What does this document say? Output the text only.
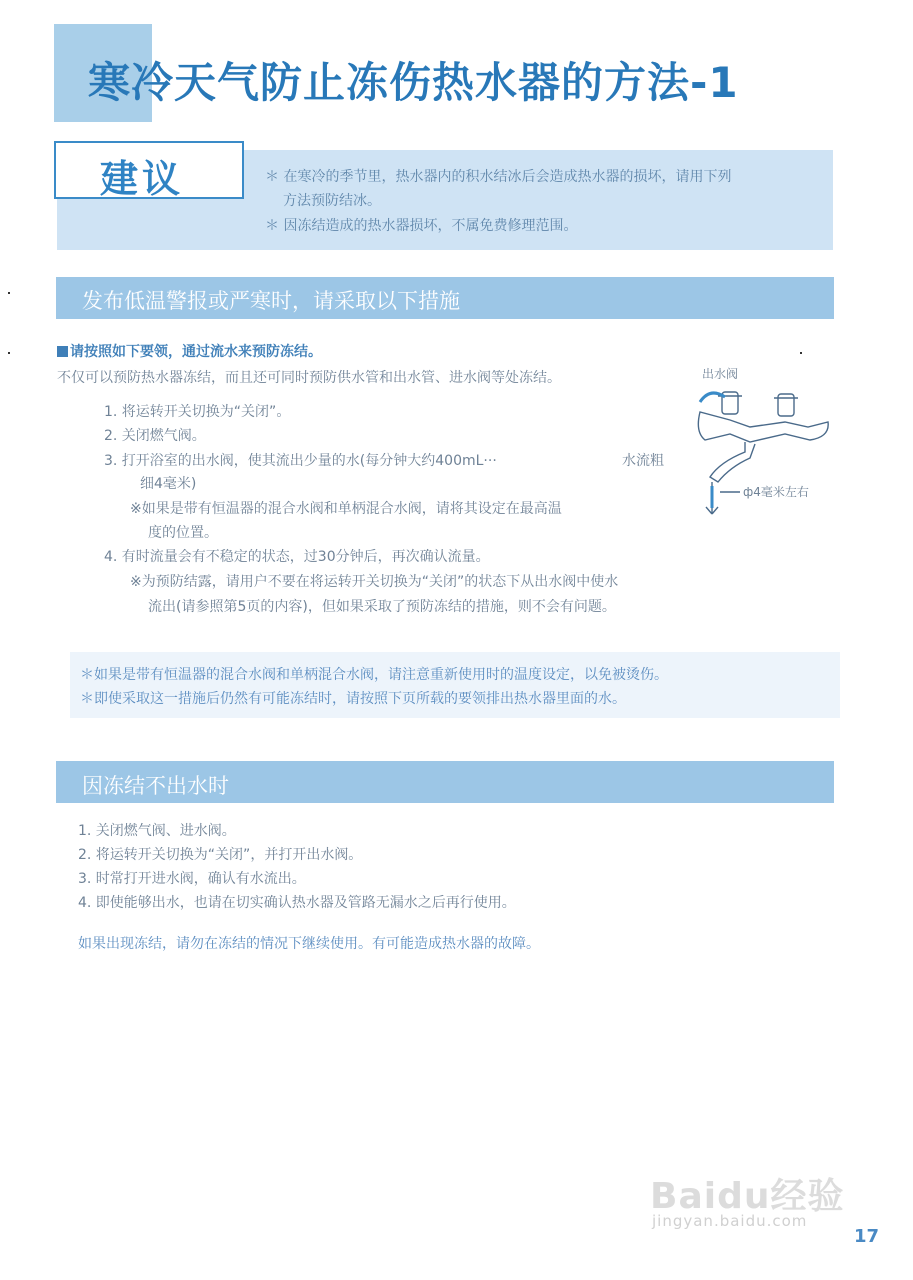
寒冷天气防止冻伤热水器的方法-1
建议	＊ 在寒冷的季节里，热水器内的积水结冰后会造成热水器的损坏，请用下列
方法预防结冰。
＊ 因冻结造成的热水器损坏，不属免费修理范围。
发布低温警报或严寒时，请采取以下措施
请按照如下要领，通过流水来预防冻结。
不仅可以预防热水器冻结，而且还可同时预防供水管和出水管、进水阀等处冻结。
1. 将运转开关切换为“关闭”。
2. 关闭燃气阀。
3. 打开浴室的出水阀，使其流出少量的水(每分钟大约400mL···	水流粗
细4毫米)
※如果是带有恒温器的混合水阀和单柄混合水阀，请将其设定在最高温
度的位置。
4. 有时流量会有不稳定的状态，过30分钟后，再次确认流量。
※为预防结露，请用户不要在将运转开关切换为“关闭”的状态下从出水阀中使水
流出(请参照第5页的内容)，但如果采取了预防冻结的措施，则不会有问题。
出水阀
ф4毫米左右
＊如果是带有恒温器的混合水阀和单柄混合水阀，请注意重新使用时的温度设定，以免被烫伤。
＊即使采取这一措施后仍然有可能冻结时，请按照下页所载的要领排出热水器里面的水。
因冻结不出水时
1. 关闭燃气阀、进水阀。
2. 将运转开关切换为“关闭”，并打开出水阀。
3. 时常打开进水阀，确认有水流出。
4. 即使能够出水，也请在切实确认热水器及管路无漏水之后再行使用。
如果出现冻结，请勿在冻结的情况下继续使用。有可能造成热水器的故障。
Baidu经验
jingyan.baidu.com
17
